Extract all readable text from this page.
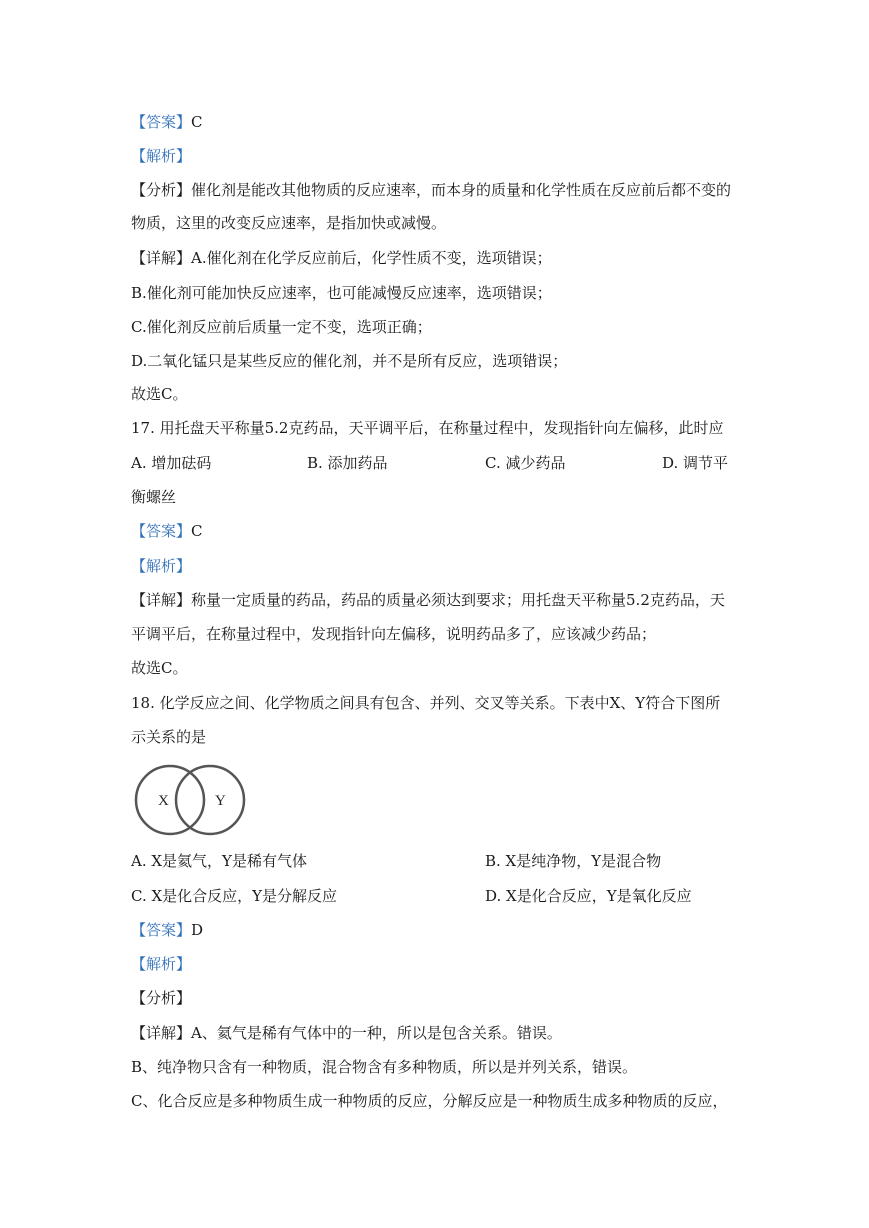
【答案】C
【解析】
【分析】催化剂是能改其他物质的反应速率，而本身的质量和化学性质在反应前后都不变的
物质，这里的改变反应速率，是指加快或减慢。
【详解】A.催化剂在化学反应前后，化学性质不变，选项错误；
B.催化剂可能加快反应速率，也可能减慢反应速率，选项错误；
C.催化剂反应前后质量一定不变，选项正确；
D.二氧化锰只是某些反应的催化剂，并不是所有反应，选项错误；
故选C。
17. 用托盘天平称量5.2克药品，天平调平后，在称量过程中，发现指针向左偏移，此时应
A. 增加砝码	B. 添加药品	C. 减少药品	D. 调节平
衡螺丝
【答案】C
【解析】
【详解】称量一定质量的药品，药品的质量必须达到要求；用托盘天平称量5.2克药品，天
平调平后，在称量过程中，发现指针向左偏移，说明药品多了，应该减少药品；
故选C。
18. 化学反应之间、化学物质之间具有包含、并列、交叉等关系。下表中X、Y符合下图所
示关系的是
X	Y
A. X是氦气，Y是稀有气体	B. X是纯净物，Y是混合物
C. X是化合反应，Y是分解反应	D. X是化合反应，Y是氧化反应
【答案】D
【解析】
【分析】
【详解】A、氦气是稀有气体中的一种，所以是包含关系。错误。
B、纯净物只含有一种物质，混合物含有多种物质，所以是并列关系，错误。
C、化合反应是多种物质生成一种物质的反应，分解反应是一种物质生成多种物质的反应，
